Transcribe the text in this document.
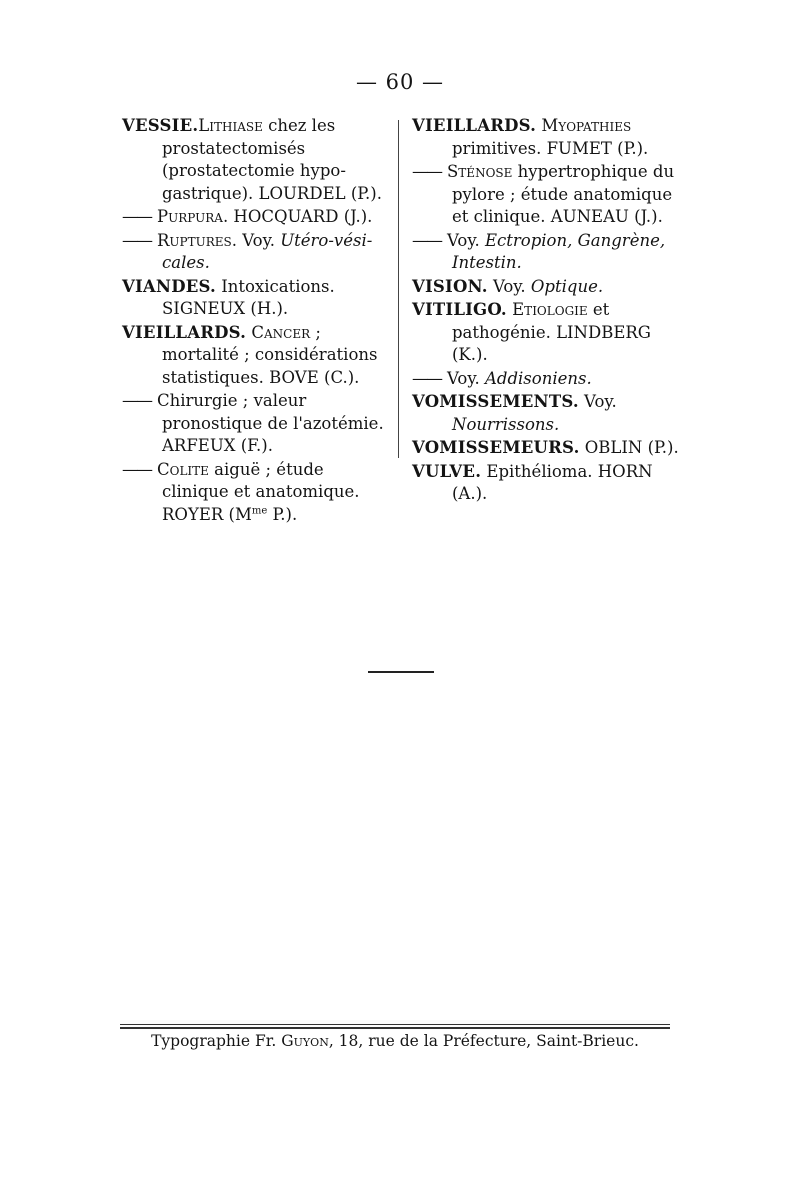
— 60 —

VESSIE.Lithiase chez les prostatectomisés (prostatectomie hypogastrique). LOURDEL (P.).

—— Purpura. HOCQUARD (J.).

—— Ruptures. Voy. Utéro-vésicales.

VIANDES. Intoxications. SIGNEUX (H.).

VIEILLARDS. Cancer ; mortalité ; considérations statistiques. BOVE (C.).

—— Chirurgie ; valeur pronostique de l'azotémie. ARFEUX (F.).

—— Colite aiguë ; étude clinique et anatomique. ROYER ($M^{me}$ P.).

VIEILLARDS. Myopathies primitives. FUMET (P.).

—— Sténose hypertrophique du pylore ; étude anatomique et clinique. AUNEAU (J.).

—— Voy. Ectropion, Gangrène, Intestin.

VISION. Voy. Optique.

VITILIGO. Etiologie et pathogénie. LINDBERG (K.).

—— Voy. Addisoniens.

VOMISSEMENTS. Voy. Nourrissons.

VOMISSEMEURS. OBLIN (P.).

VULVE. Epithélioma. HORN (A.).

Typographie Fr. Guyon, 18, rue de la Préfecture, Saint-Brieuc.
